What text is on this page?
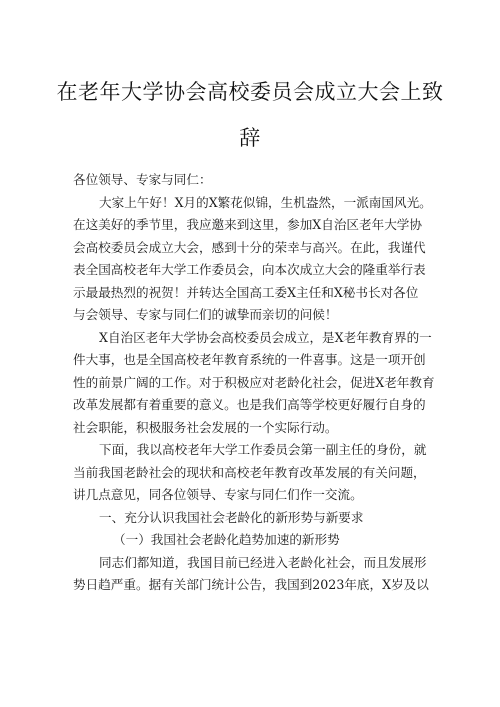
在老年大学协会高校委员会成立大会上致
辞
各位领导、专家与同仁：
大家上午好！X月的X繁花似锦，生机盎然，一派南国风光。
在这美好的季节里，我应邀来到这里，参加X自治区老年大学协
会高校委员会成立大会，感到十分的荣幸与高兴。在此，我谨代
表全国高校老年大学工作委员会，向本次成立大会的隆重举行表
示最最热烈的祝贺！并转达全国高工委X主任和X秘书长对各位
与会领导、专家与同仁们的诚挚而亲切的问候！
X自治区老年大学协会高校委员会成立，是X老年教育界的一
件大事，也是全国高校老年教育系统的一件喜事。这是一项开创
性的前景广阔的工作。对于积极应对老龄化社会，促进X老年教育
改革发展都有着重要的意义。也是我们高等学校更好履行自身的
社会职能，积极服务社会发展的一个实际行动。
下面，我以高校老年大学工作委员会第一副主任的身份，就
当前我国老龄社会的现状和高校老年教育改革发展的有关问题，
讲几点意见，同各位领导、专家与同仁们作一交流。
一、充分认识我国社会老龄化的新形势与新要求
（一）我国社会老龄化趋势加速的新形势
同志们都知道，我国目前已经进入老龄化社会，而且发展形
势日趋严重。据有关部门统计公告，我国到2023年底，X岁及以
